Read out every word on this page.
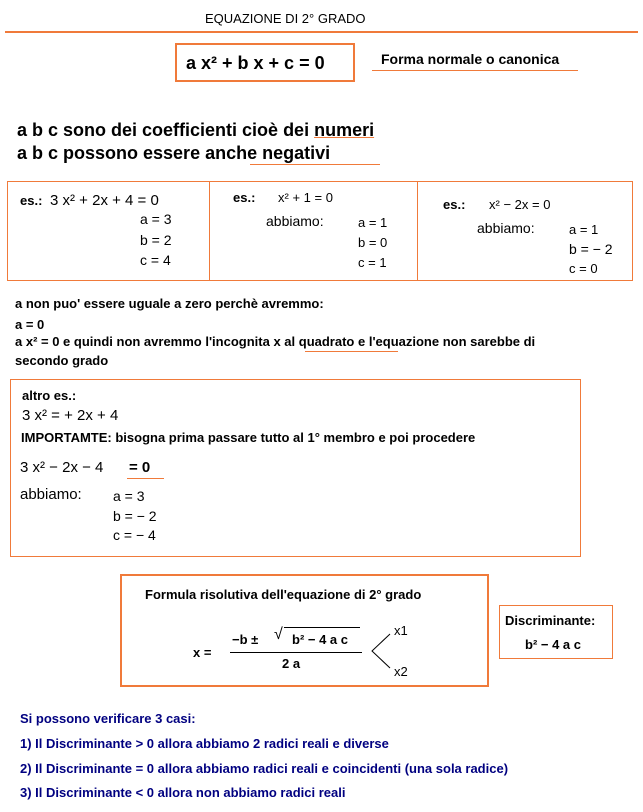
EQUAZIONE DI 2° GRADO
a x² + b x + c = 0	Forma normale o canonica
a b c sono dei coefficienti cioè dei numeri
a b c possono essere anche negativi
es.: 3 x² + 2x + 4 = 0
a = 3
b = 2
c = 4
es.: x² + 1 = 0
abbiamo:	a = 1
b = 0
c = 1
es.: x² − 2x = 0
abbiamo:	a = 1
b = − 2
c = 0
a non puo' essere uguale a zero perchè avremmo:
a = 0
a x² = 0 e quindi non avremmo l'incognita x al quadrato e l'equazione non sarebbe di
secondo grado
altro es.:
3 x² = + 2x + 4
IMPORTAMTE: bisogna prima passare tutto al 1° membro e poi procedere
3 x² − 2x − 4 = 0
abbiamo: a = 3
b = − 2
c = − 4
Formula risolutiva dell'equazione di 2° grado
x =
−b ± √ b² − 4 a c
2 a
x1
x2
Discriminante:
b² − 4 a c
Si possono verificare 3 casi:
1) Il Discriminante > 0 allora abbiamo 2 radici reali e diverse
2) Il Discriminante = 0 allora abbiamo radici reali e coincidenti (una sola radice)
3) Il Discriminante < 0 allora non abbiamo radici reali
